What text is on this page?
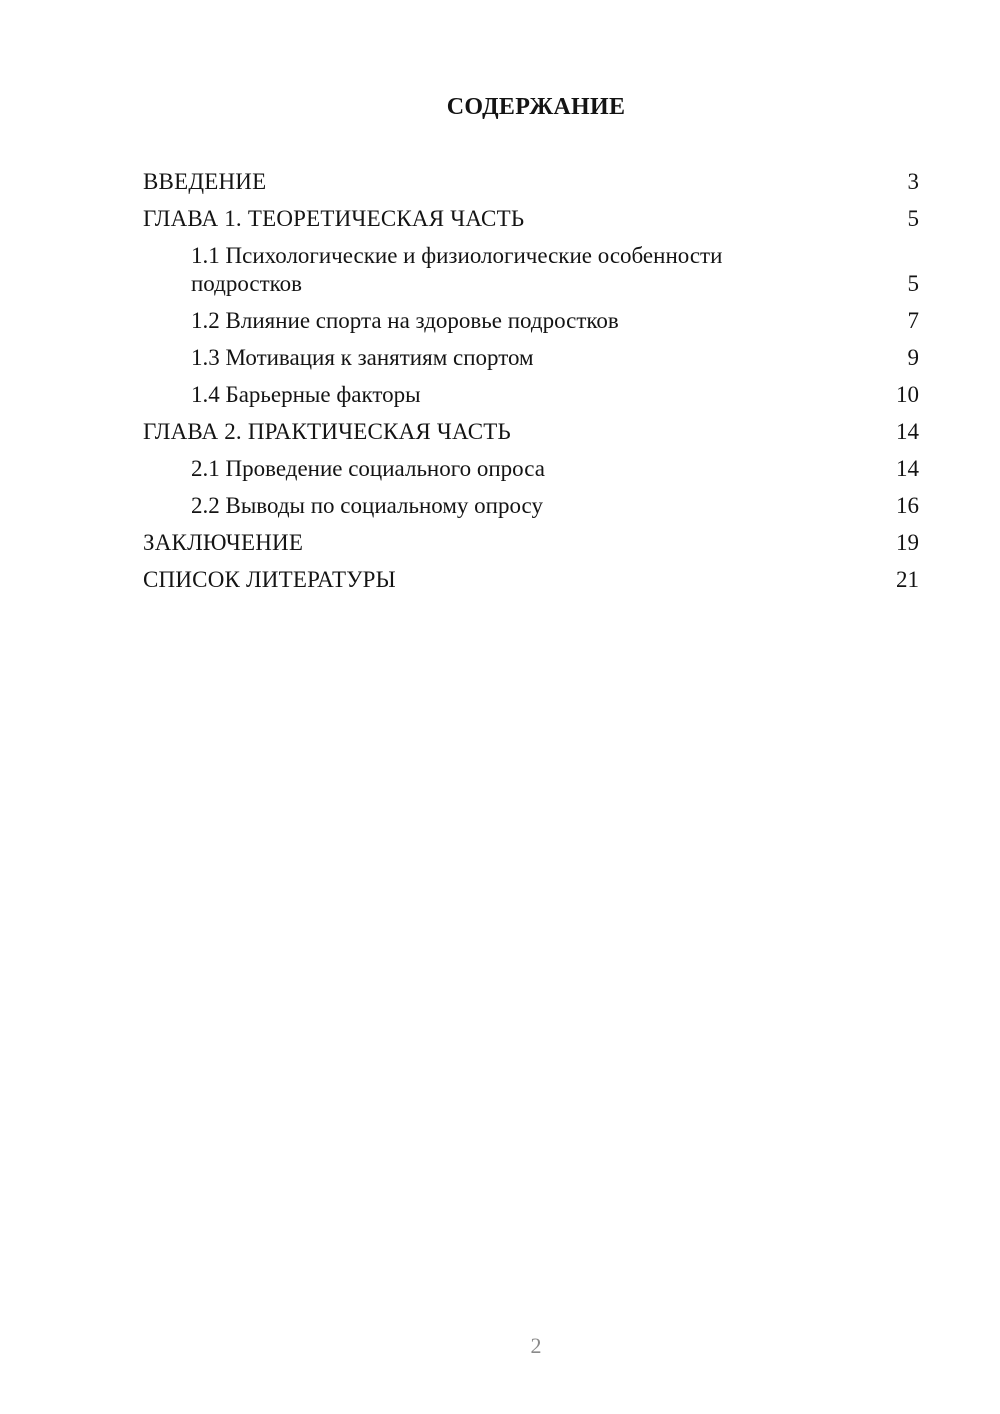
СОДЕРЖАНИЕ
ВВЕДЕНИЕ	3
ГЛАВА 1. ТЕОРЕТИЧЕСКАЯ ЧАСТЬ	5
1.1 Психологические и физиологические особенности подростков	5
1.2 Влияние спорта на здоровье подростков	7
1.3 Мотивация к занятиям спортом	9
1.4 Барьерные факторы	10
ГЛАВА 2. ПРАКТИЧЕСКАЯ ЧАСТЬ	14
2.1 Проведение социального опроса	14
2.2 Выводы по социальному опросу	16
ЗАКЛЮЧЕНИЕ	19
СПИСОК ЛИТЕРАТУРЫ	21
2
